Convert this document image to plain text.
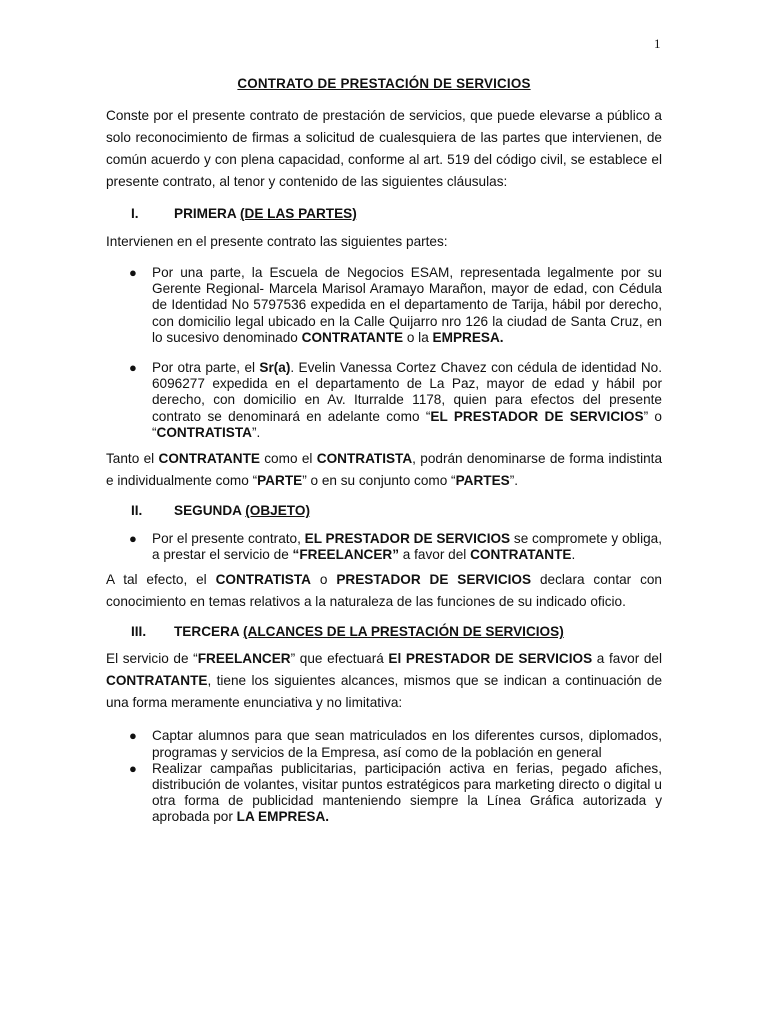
1
CONTRATO DE PRESTACIÓN DE SERVICIOS

Conste por el presente contrato de prestación de servicios, que puede elevarse a público a solo reconocimiento de firmas a solicitud de cualesquiera de las partes que intervienen, de común acuerdo y con plena capacidad, conforme al art. 519 del código civil, se establece el presente contrato, al tenor y contenido de las siguientes cláusulas:

I.	PRIMERA (DE LAS PARTES)

Intervienen en el presente contrato las siguientes partes:

● Por una parte, la Escuela de Negocios ESAM, representada legalmente por su Gerente Regional- Marcela Marisol Aramayo Marañon, mayor de edad, con Cédula de Identidad No 5797536 expedida en el departamento de Tarija, hábil por derecho, con domicilio legal ubicado en la Calle Quijarro nro 126 la ciudad de Santa Cruz, en lo sucesivo denominado CONTRATANTE o la EMPRESA.
● Por otra parte, el Sr(a). Evelin Vanessa Cortez Chavez con cédula de identidad No. 6096277 expedida en el departamento de La Paz, mayor de edad y hábil por derecho, con domicilio en Av. Iturralde 1178, quien para efectos del presente contrato se denominará en adelante como “EL PRESTADOR DE SERVICIOS” o “CONTRATISTA”.

Tanto el CONTRATANTE como el CONTRATISTA, podrán denominarse de forma indistinta e individualmente como “PARTE” o en su conjunto como “PARTES”.

II.	SEGUNDA (OBJETO)
● Por el presente contrato, EL PRESTADOR DE SERVICIOS se compromete y obliga, a prestar el servicio de “FREELANCER” a favor del CONTRATANTE.

A tal efecto, el CONTRATISTA o PRESTADOR DE SERVICIOS declara contar con conocimiento en temas relativos a la naturaleza de las funciones de su indicado oficio.

III.	TERCERA (ALCANCES DE LA PRESTACIÓN DE SERVICIOS)

El servicio de “FREELANCER” que efectuará El PRESTADOR DE SERVICIOS a favor del CONTRATANTE, tiene los siguientes alcances, mismos que se indican a continuación de una forma meramente enunciativa y no limitativa:

● Captar alumnos para que sean matriculados en los diferentes cursos, diplomados, programas y servicios de la Empresa, así como de la población en general
● Realizar campañas publicitarias, participación activa en ferias, pegado afiches, distribución de volantes, visitar puntos estratégicos para marketing directo o digital u otra forma de publicidad manteniendo siempre la Línea Gráfica autorizada y aprobada por LA EMPRESA.
